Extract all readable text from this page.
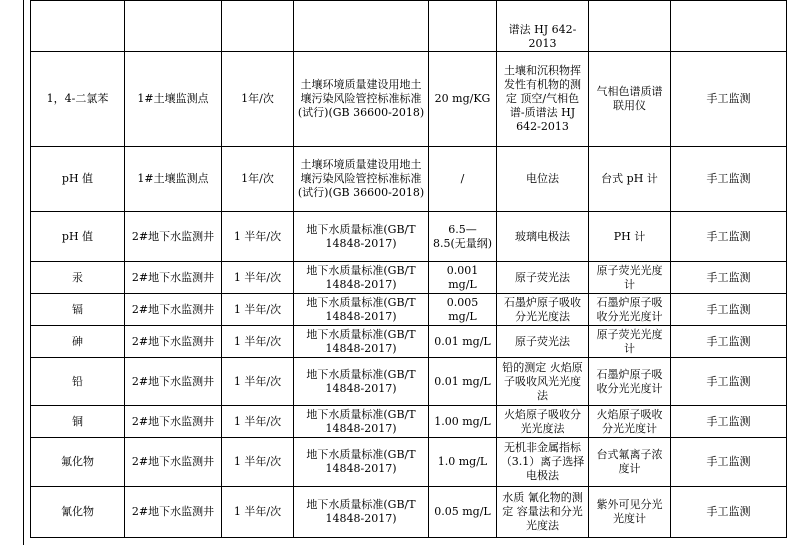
					谱法 HJ 642-2013		
1，4-二氯苯	1#土壤监测点	1年/次	土壤环境质量建设用地土壤污染风险管控标准标准(试行)(GB 36600-2018)	20 mg/KG	土壤和沉积物挥发性有机物的测定 顶空/气相色谱-质谱法 HJ 642-2013	气相色谱质谱联用仪	手工监测
pH 值	1#土壤监测点	1年/次	土壤环境质量建设用地土壤污染风险管控标准标准(试行)(GB 36600-2018)	/	电位法	台式 pH 计	手工监测
pH 值	2#地下水监测井	1 半年/次	地下水质量标准(GB/T 14848-2017)	6.5—8.5(无量纲)	玻璃电极法	PH 计	手工监测
汞	2#地下水监测井	1 半年/次	地下水质量标准(GB/T 14848-2017)	0.001 mg/L	原子荧光法	原子荧光光度计	手工监测
镉	2#地下水监测井	1 半年/次	地下水质量标准(GB/T 14848-2017)	0.005 mg/L	石墨炉原子吸收分光光度法	石墨炉原子吸收分光光度计	手工监测
砷	2#地下水监测井	1 半年/次	地下水质量标准(GB/T 14848-2017)	0.01 mg/L	原子荧光法	原子荧光光度计	手工监测
铅	2#地下水监测井	1 半年/次	地下水质量标准(GB/T 14848-2017)	0.01 mg/L	铅的测定 火焰原子吸收风光光度法	石墨炉原子吸收分光光度计	手工监测
铜	2#地下水监测井	1 半年/次	地下水质量标准(GB/T 14848-2017)	1.00 mg/L	火焰原子吸收分光光度法	火焰原子吸收分光光度计	手工监测
氟化物	2#地下水监测井	1 半年/次	地下水质量标准(GB/T 14848-2017)	1.0 mg/L	无机非金属指标（3.1）离子选择电极法	台式氟离子浓度计	手工监测
氰化物	2#地下水监测井	1 半年/次	地下水质量标准(GB/T 14848-2017)	0.05 mg/L	水质 氰化物的测定 容量法和分光光度法	紫外可见分光光度计	手工监测
